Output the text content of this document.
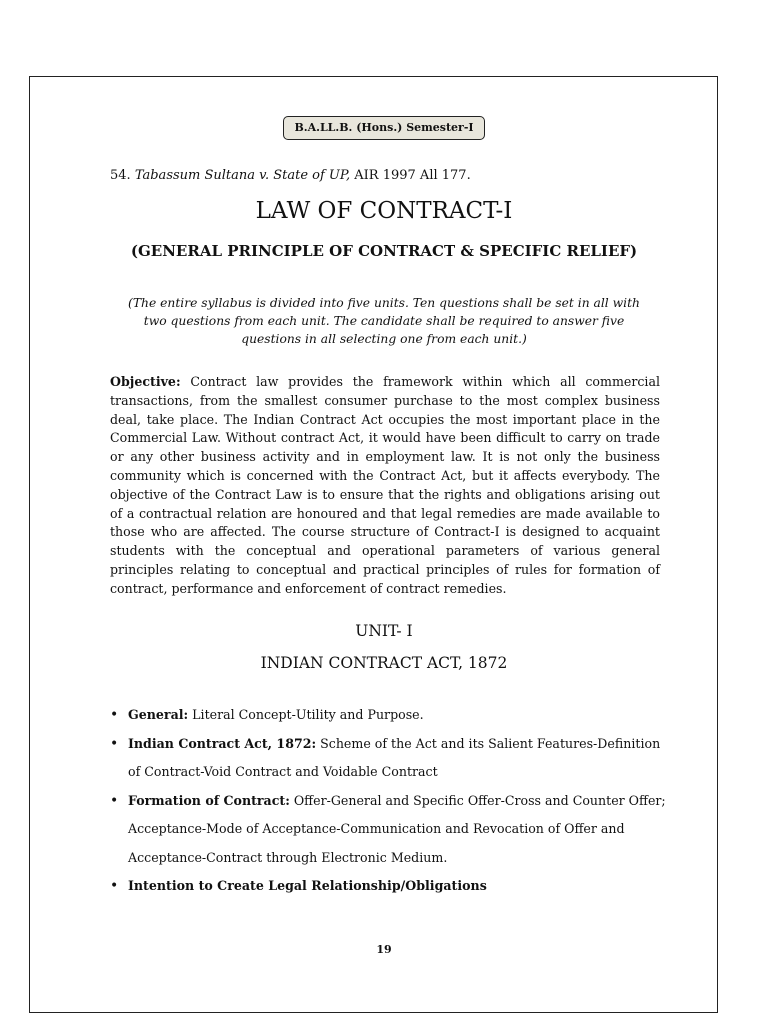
B.A.LL.B. (Hons.) Semester-I
54. Tabassum Sultana v. State of UP, AIR 1997 All 177.
LAW OF CONTRACT-I
(GENERAL PRINCIPLE OF CONTRACT & SPECIFIC RELIEF)
(The entire syllabus is divided into five units. Ten questions shall be set in all with two questions from each unit. The candidate shall be required to answer five questions in all selecting one from each unit.)

Objective: Contract law provides the framework within which all commercial transactions, from the smallest consumer purchase to the most complex business deal, take place. The Indian Contract Act occupies the most important place in the Commercial Law. Without contract Act, it would have been difficult to carry on trade or any other business activity and in employment law. It is not only the business community which is concerned with the Contract Act, but it affects everybody. The objective of the Contract Law is to ensure that the rights and obligations arising out of a contractual relation are honoured and that legal remedies are made available to those who are affected. The course structure of Contract-I is designed to acquaint students with the conceptual and operational parameters of various general principles relating to conceptual and practical principles of rules for formation of contract, performance and enforcement of contract remedies.

UNIT- I
INDIAN CONTRACT ACT, 1872
• General: Literal Concept-Utility and Purpose.
• Indian Contract Act, 1872: Scheme of the Act and its Salient Features-Definition of Contract-Void Contract and Voidable Contract
• Formation of Contract: Offer-General and Specific Offer-Cross and Counter Offer; Acceptance-Mode of Acceptance-Communication and Revocation of Offer and Acceptance-Contract through Electronic Medium.
• Intention to Create Legal Relationship/Obligations
19
